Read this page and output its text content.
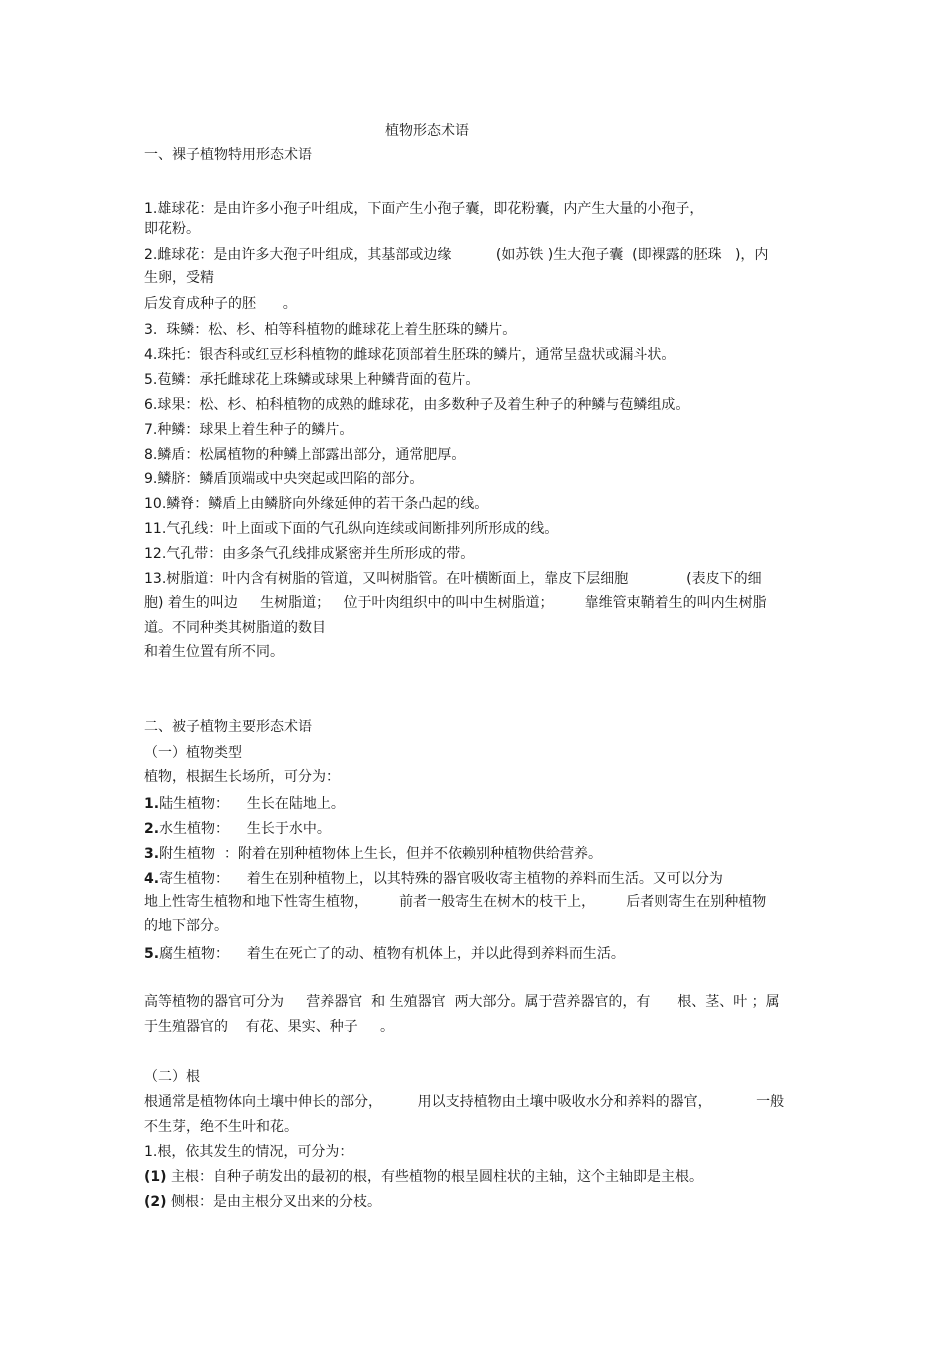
植物形态术语
一、裸子植物特用形态术语
1.雄球花：是由许多小孢子叶组成，下面产生小孢子囊，即花粉囊，内产生大量的小孢子，
即花粉。
2.雌球花：是由许多大孢子叶组成，其基部或边缘          (如苏铁 )生大孢子囊  (即裸露的胚珠   )，内
生卵，受精
后发育成种子的胚      。
3.  珠鳞：松、杉、柏等科植物的雌球花上着生胚珠的鳞片。
4.珠托：银杏科或红豆杉科植物的雌球花顶部着生胚珠的鳞片，通常呈盘状或漏斗状。
5.苞鳞：承托雌球花上珠鳞或球果上种鳞背面的苞片。
6.球果：松、杉、柏科植物的成熟的雌球花，由多数种子及着生种子的种鳞与苞鳞组成。
7.种鳞：球果上着生种子的鳞片。
8.鳞盾：松属植物的种鳞上部露出部分，通常肥厚。
9.鳞脐：鳞盾顶端或中央突起或凹陷的部分。
10.鳞脊：鳞盾上由鳞脐向外缘延伸的若干条凸起的线。
11.气孔线：叶上面或下面的气孔纵向连续或间断排列所形成的线。
12.气孔带：由多条气孔线排成紧密并生所形成的带。
13.树脂道：叶内含有树脂的管道，又叫树脂管。在叶横断面上，靠皮下层细胞             (表皮下的细
胞) 着生的叫边     生树脂道；   位于叶肉组织中的叫中生树脂道；       靠维管束鞘着生的叫内生树脂
道。不同种类其树脂道的数目
和着生位置有所不同。
二、被子植物主要形态术语
（一）植物类型
植物，根据生长场所，可分为：
1.陆生植物：    生长在陆地上。
2.水生植物：    生长于水中。
3.附生植物  ：附着在别种植物体上生长，但并不依赖别种植物供给营养。
4.寄生植物：    着生在别种植物上，以其特殊的器官吸收寄主植物的养料而生活。又可以分为
地上性寄生植物和地下性寄生植物，       前者一般寄生在树木的枝干上，       后者则寄生在别种植物
的地下部分。
5.腐生植物：    着生在死亡了的动、植物有机体上，并以此得到养料而生活。
高等植物的器官可分为     营养器官  和 生殖器官  两大部分。属于营养器官的，有      根、茎、叶 ；属
于生殖器官的    有花、果实、种子     。
（二）根
根通常是植物体向土壤中伸长的部分，        用以支持植物由土壤中吸收水分和养料的器官，          一般
不生芽，绝不生叶和花。
1.根，依其发生的情况，可分为：
(1) 主根：自种子萌发出的最初的根，有些植物的根呈圆柱状的主轴，这个主轴即是主根。
(2) 侧根：是由主根分叉出来的分枝。
